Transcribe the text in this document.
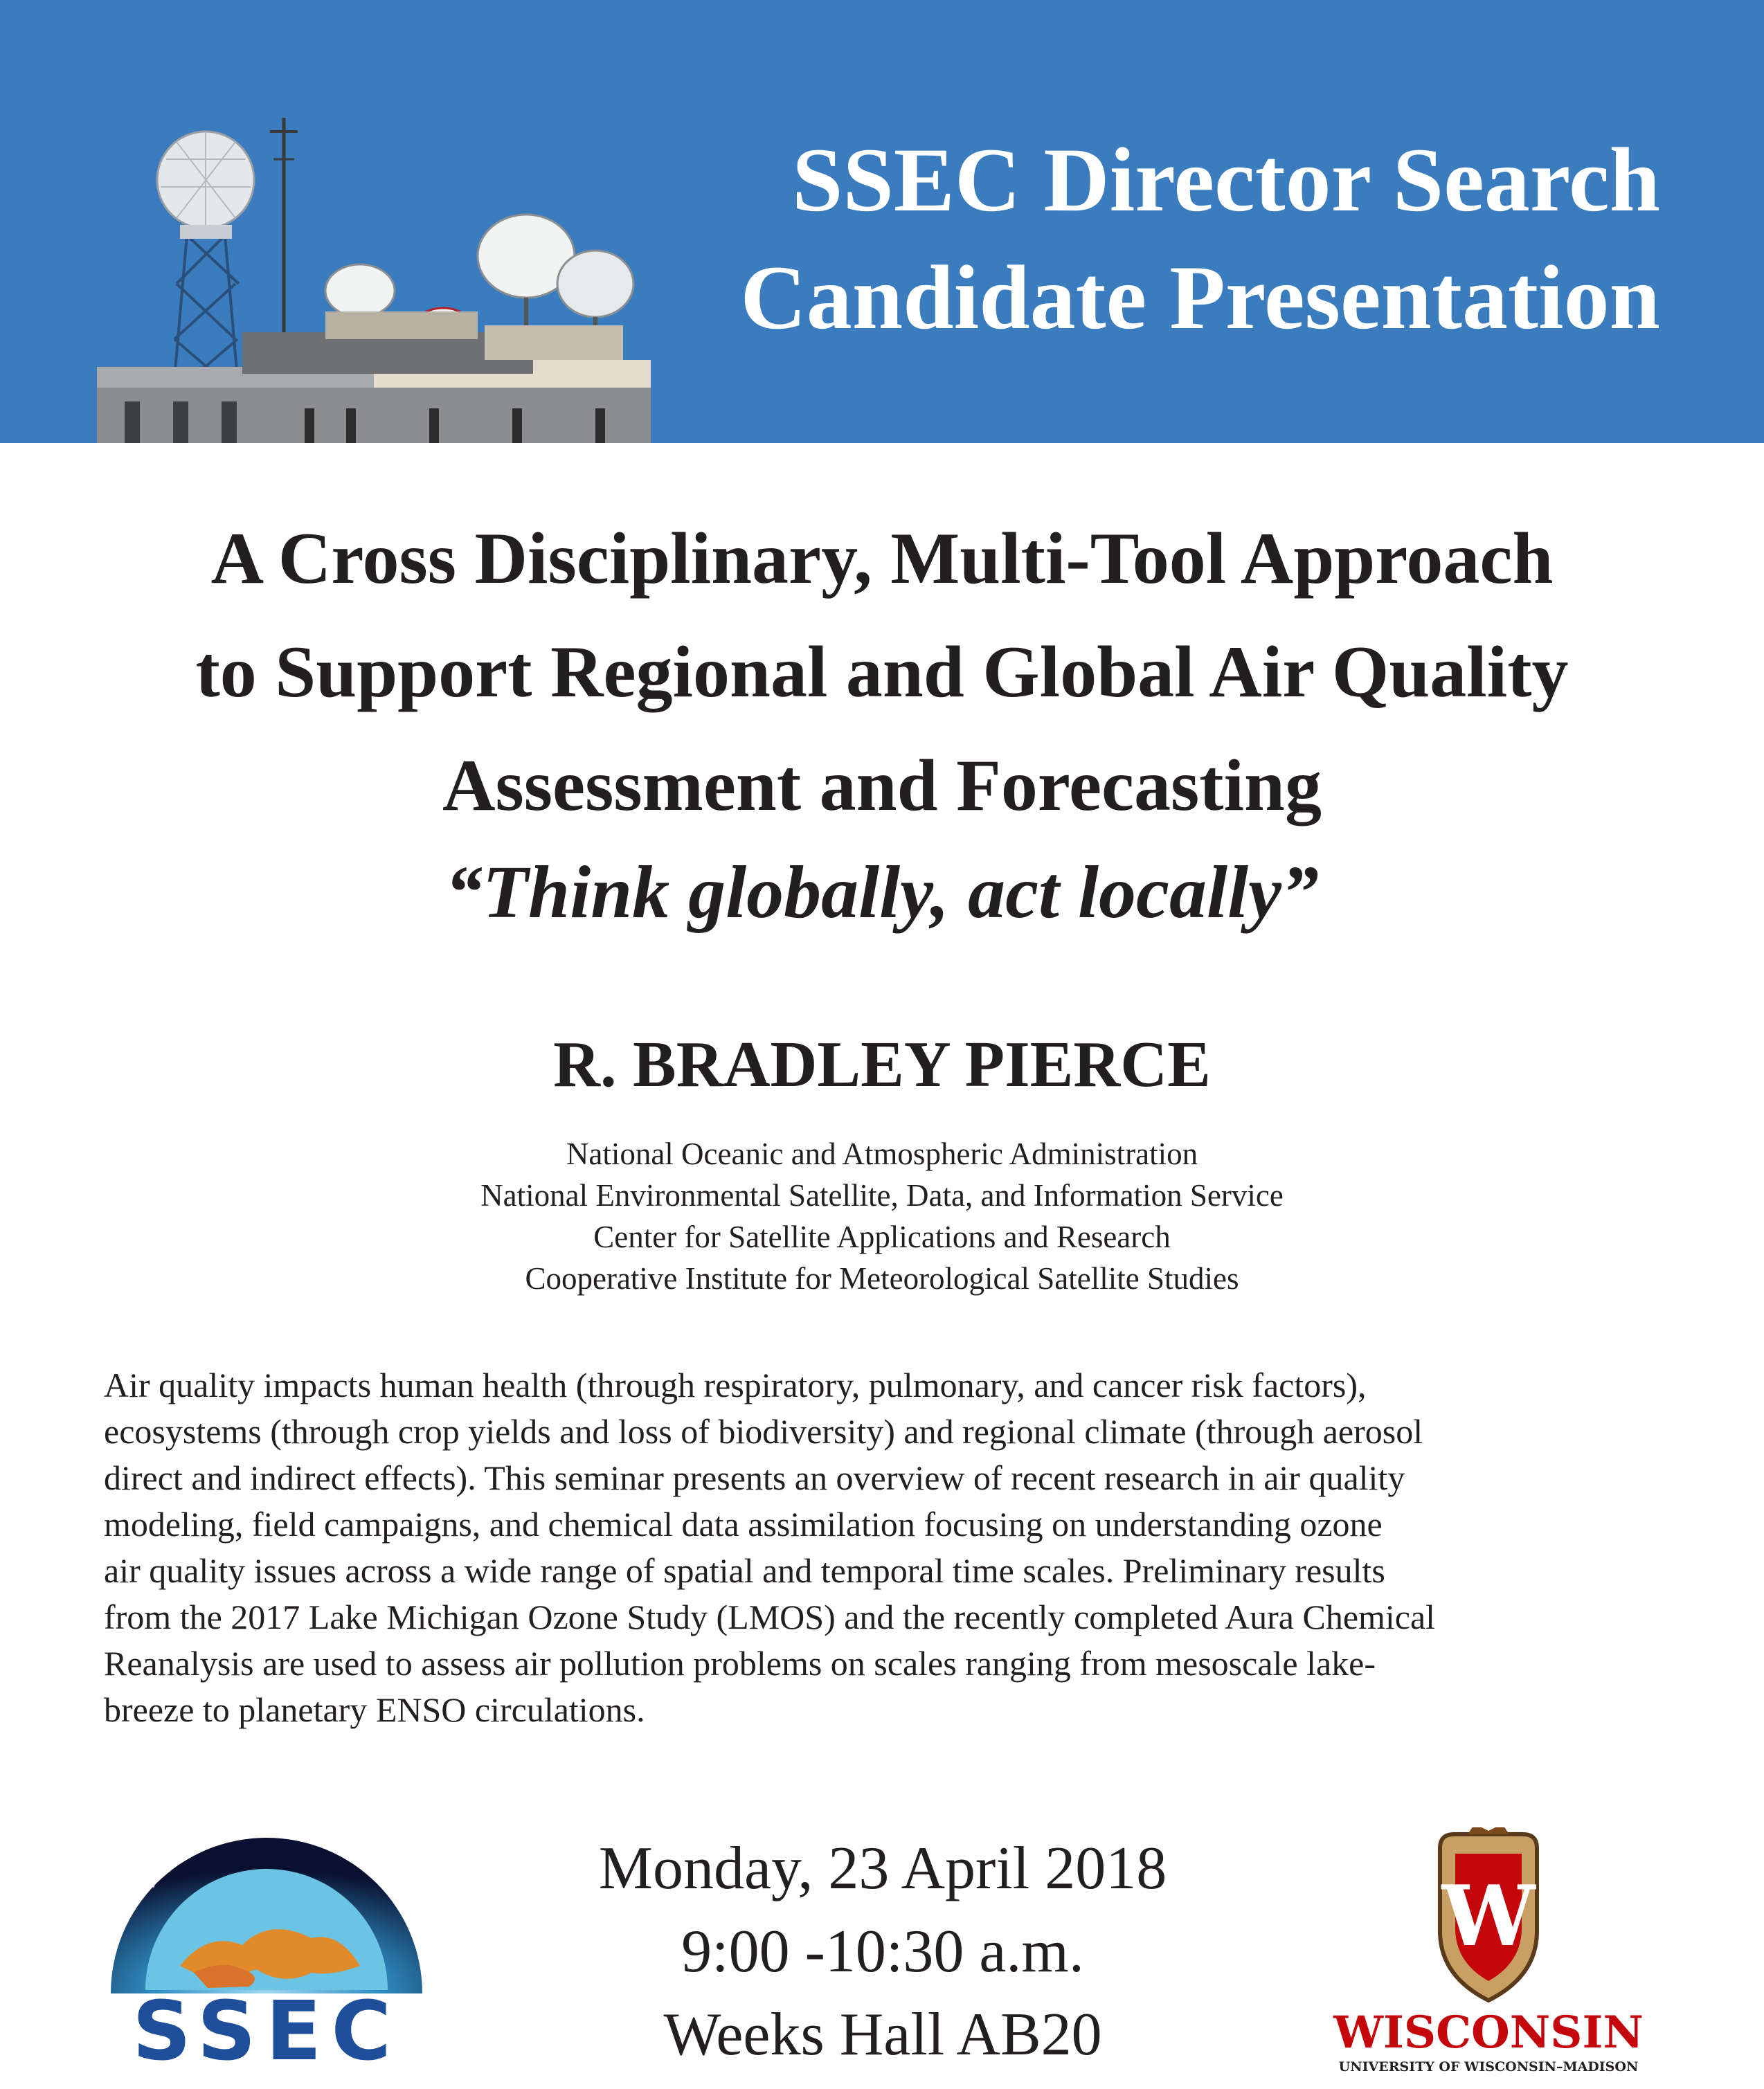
SSEC Director Search
Candidate Presentation
A Cross Disciplinary, Multi-Tool Approach
to Support Regional and Global Air Quality
Assessment and Forecasting
“Think globally, act locally”
R. BRADLEY PIERCE
National Oceanic and Atmospheric Administration
National Environmental Satellite, Data, and Information Service
Center for Satellite Applications and Research
Cooperative Institute for Meteorological Satellite Studies
Air quality impacts human health (through respiratory, pulmonary, and cancer risk factors),
ecosystems (through crop yields and loss of biodiversity) and regional climate (through aerosol
direct and indirect effects). This seminar presents an overview of recent research in air quality
modeling, field campaigns, and chemical data assimilation focusing on understanding ozone
air quality issues across a wide range of spatial and temporal time scales. Preliminary results
from the 2017 Lake Michigan Ozone Study (LMOS) and the recently completed Aura Chemical
Reanalysis are used to assess air pollution problems on scales ranging from mesoscale lake-
breeze to planetary ENSO circulations.
SSEC
Monday, 23 April 2018
9:00 -10:30 a.m.
Weeks Hall AB20
W
WISCONSIN
UNIVERSITY OF WISCONSIN–MADISON
